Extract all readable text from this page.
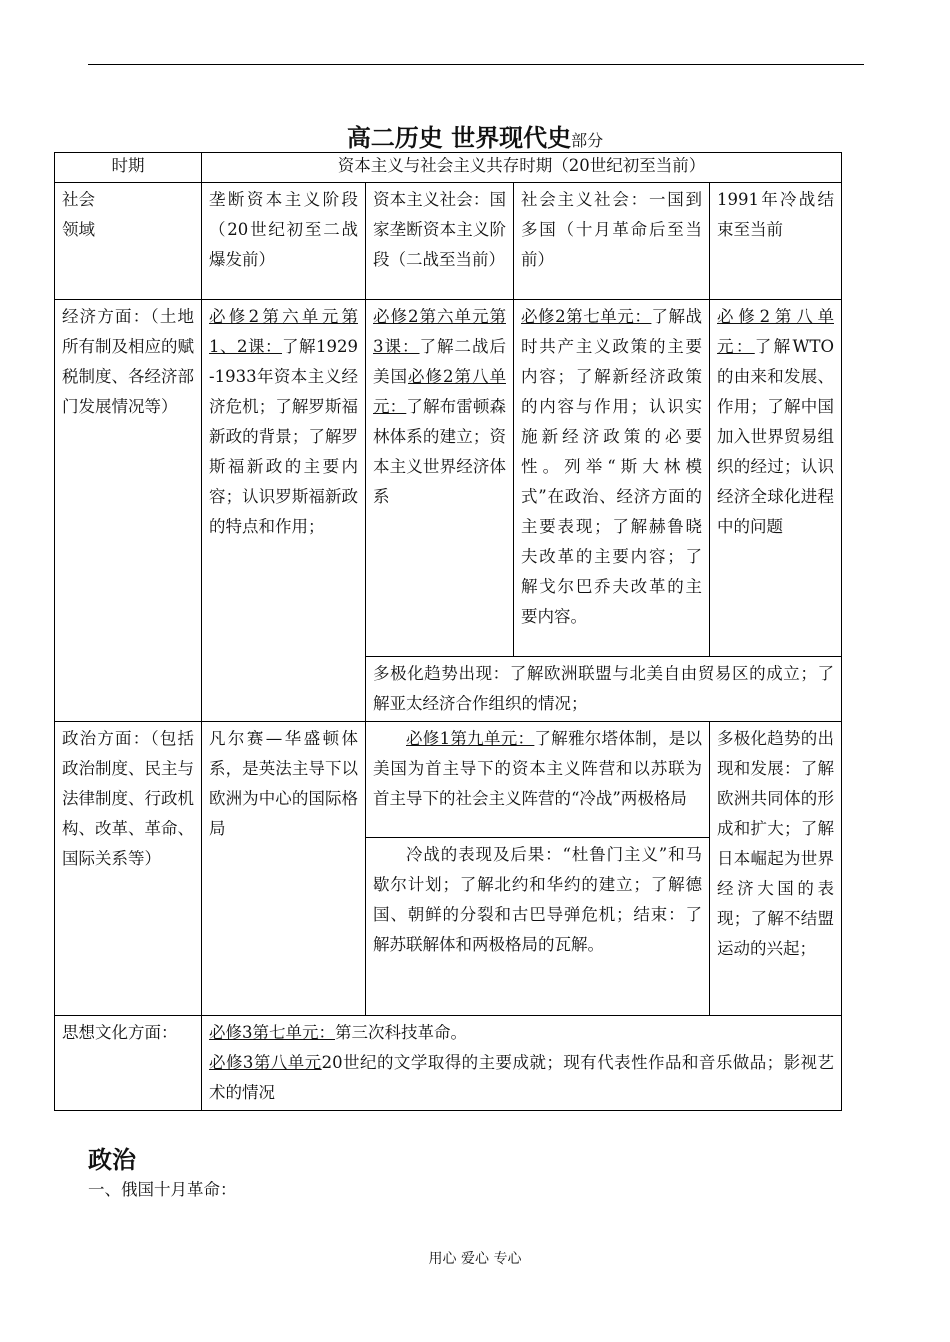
高二历史 世界现代史部分
时期	资本主义与社会主义共存时期（20世纪初至当前）			

社会
领域	垄断资本主义阶段（20世纪初至二战爆发前）	资本主义社会：国家垄断资本主义阶段（二战至当前）	社会主义社会：一国到多国（十月革命后至当前）	1991年冷战结束至当前
经济方面：（土地所有制及相应的赋税制度、各经济部门发展情况等）	必修2第六单元第1、2课：了解1929-1933年资本主义经济危机；了解罗斯福新政的背景；了解罗斯福新政的主要内容；认识罗斯福新政的特点和作用；	必修2第六单元第3课：了解二战后美国必修2第八单元：了解布雷顿森林体系的建立；资本主义世界经济体系	必修2第七单元：了解战时共产主义政策的主要内容；了解新经济政策的内容与作用；认识实施新经济政策的必要性。列举“斯大林模式”在政治、经济方面的主要表现；了解赫鲁晓夫改革的主要内容；了解戈尔巴乔夫改革的主要内容。	必修2第八单元：了解WTO的由来和发展、作用；了解中国加入世界贸易组织的经过；认识经济全球化进程中的问题
		多极化趋势出现：了解欧洲联盟与北美自由贸易区的成立；了解亚太经济合作组织的情况；		
政治方面：（包括政治制度、民主与法律制度、行政机构、改革、革命、国际关系等）	凡尔赛—华盛顿体系，是英法主导下以欧洲为中心的国际格局	必修1第九单元：了解雅尔塔体制，是以美国为首主导下的资本主义阵营和以苏联为首主导下的社会主义阵营的“冷战”两极格局		多极化趋势的出现和发展：了解欧洲共同体的形成和扩大；了解日本崛起为世界经济大国的表现；了解不结盟运动的兴起；
		冷战的表现及后果：“杜鲁门主义”和马歇尔计划；了解北约和华约的建立；了解德国、朝鲜的分裂和古巴导弹危机；结束：了解苏联解体和两极格局的瓦解。		
思想文化方面：	必修3第七单元：第三次科技革命。
必修3第八单元20世纪的文学取得的主要成就；现有代表性作品和音乐做品；影视艺术的情况			
政治
一、俄国十月革命：
用心 爱心 专心
